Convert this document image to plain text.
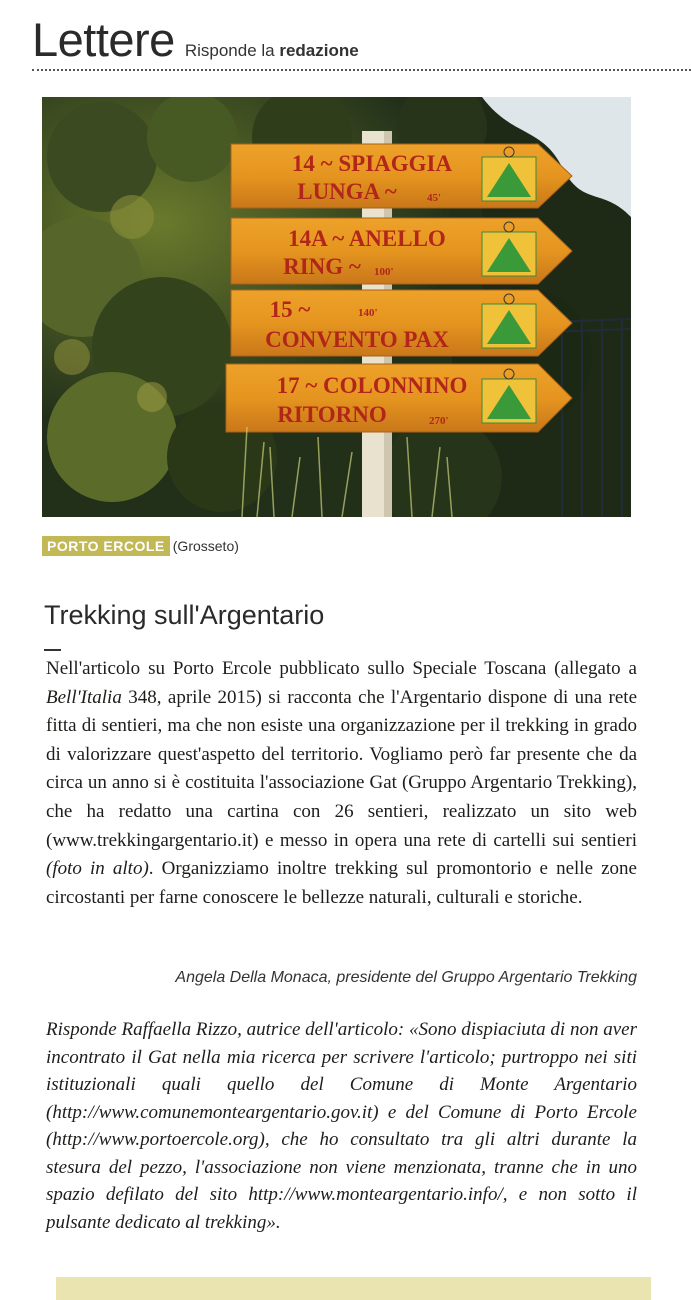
Lettere Risponde la redazione
14 ~ SPIAGGIA
LUNGA ~	45'
14A ~ ANELLO
RING ~ 100'
15 ~	140'
CONVENTO PAX
17 ~ COLONNINO
RITORNO	270'
PORTO ERCOLE (Grosseto)
Trekking sull'Argentario

Nell'articolo su Porto Ercole pubblicato sullo Speciale Toscana (allegato a Bell'Italia 348, aprile 2015) si racconta che l'Argentario dispone di una rete fitta di sentieri, ma che non esiste una organizzazione per il trekking in grado di valorizzare quest'aspetto del territorio. Vogliamo però far presente che da circa un anno si è costituita l'associazione Gat (Gruppo Argentario Trekking), che ha redatto una cartina con 26 sentieri, realizzato un sito web (www.trekkingargentario.it) e messo in opera una rete di cartelli sui sentieri (foto in alto). Organizziamo inoltre trekking sul promontorio e nelle zone circostanti per farne conoscere le bellezze naturali, culturali e storiche.

Angela Della Monaca, presidente del Gruppo Argentario Trekking

Risponde Raffaella Rizzo, autrice dell'articolo: «Sono dispiaciuta di non aver incontrato il Gat nella mia ricerca per scrivere l'articolo; purtroppo nei siti istituzionali quali quello del Comune di Monte Argentario (http://www.comunemonteargentario.gov.it) e del Comune di Porto Ercole (http://www.portoercole.org), che ho consultato tra gli altri durante la stesura del pezzo, l'associazione non viene menzionata, tranne che in uno spazio defilato del sito http://www.monteargentario.info/, e non sotto il pulsante dedicato al trekking».
